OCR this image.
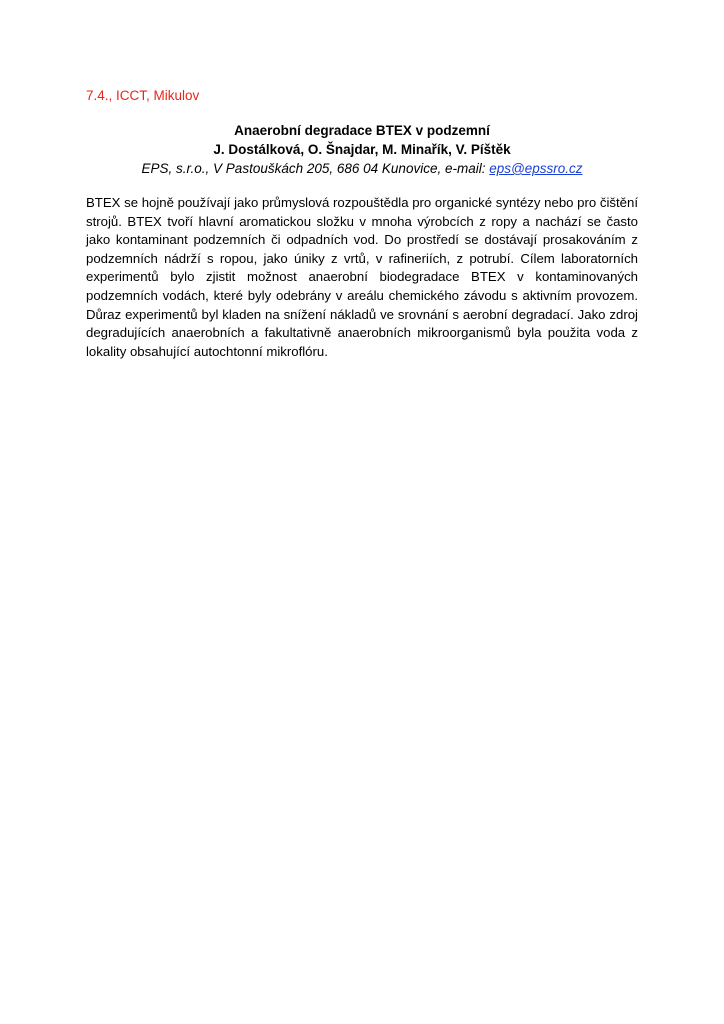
7.4., ICCT, Mikulov
Anaerobní degradace BTEX v podzemní
J. Dostálková, O. Šnajdar, M. Minařík, V. Píštěk
EPS, s.r.o., V Pastouškách 205, 686 04 Kunovice, e-mail: eps@epssro.cz

BTEX se hojně používají jako průmyslová rozpouštědla pro organické syntézy nebo pro čištění strojů. BTEX tvoří hlavní aromatickou složku v mnoha výrobcích z ropy a nachází se často jako kontaminant podzemních či odpadních vod. Do prostředí se dostávají prosakováním z podzemních nádrží s ropou, jako úniky z vrtů, v rafineriích, z potrubí. Cílem laboratorních experimentů bylo zjistit možnost anaerobní biodegradace BTEX v kontaminovaných podzemních vodách, které byly odebrány v areálu chemického závodu s aktivním provozem. Důraz experimentů byl kladen na snížení nákladů ve srovnání s aerobní degradací. Jako zdroj degradujících anaerobních a fakultativně anaerobních mikroorganismů byla použita voda z lokality obsahující autochtonní mikroflóru.
